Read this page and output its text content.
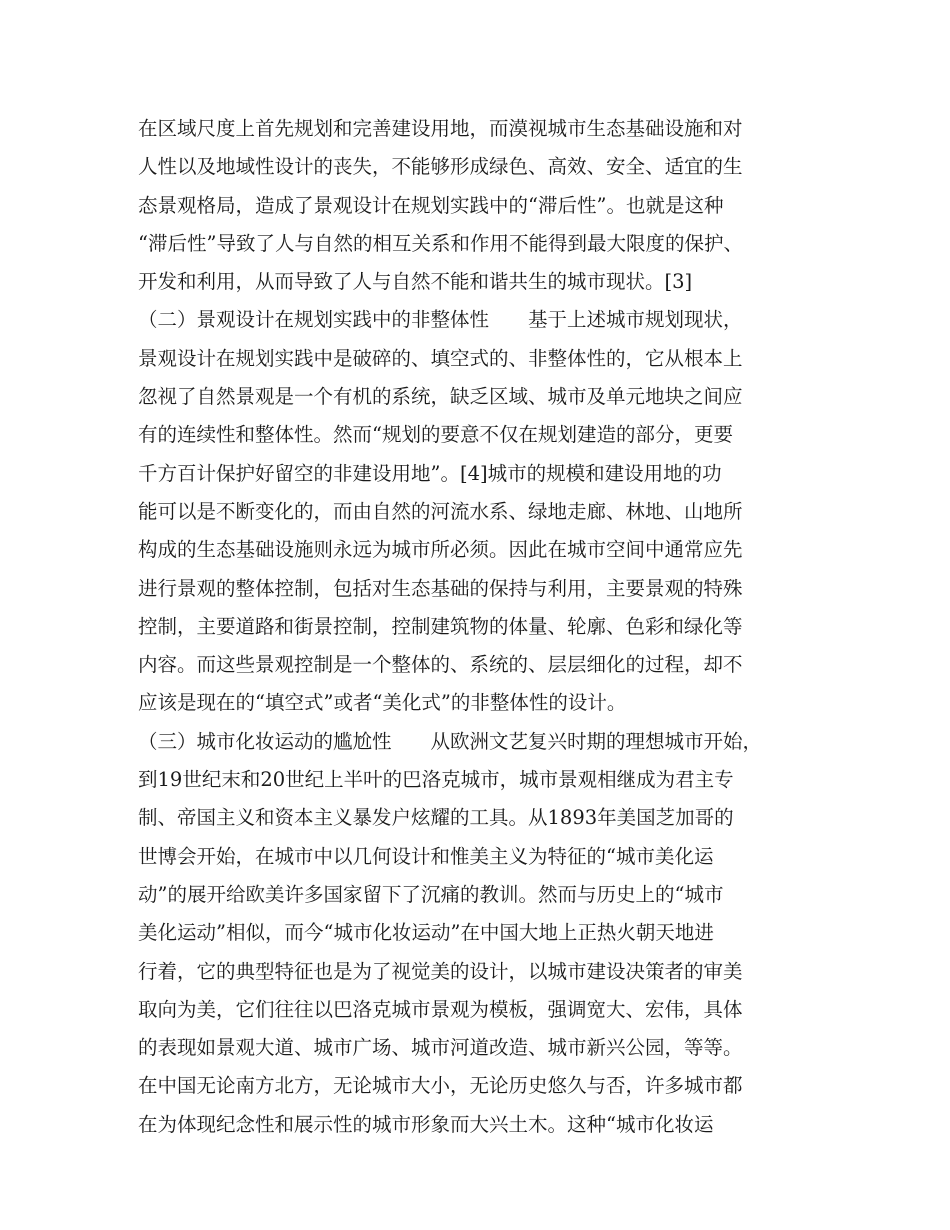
在区域尺度上首先规划和完善建设用地，而漠视城市生态基础设施和对
人性以及地域性设计的丧失，不能够形成绿色、高效、安全、适宜的生
态景观格局，造成了景观设计在规划实践中的“滞后性”。也就是这种
“滞后性”导致了人与自然的相互关系和作用不能得到最大限度的保护、
开发和利用，从而导致了人与自然不能和谐共生的城市现状。[3]
（二）景观设计在规划实践中的非整体性　　基于上述城市规划现状，
景观设计在规划实践中是破碎的、填空式的、非整体性的，它从根本上
忽视了自然景观是一个有机的系统，缺乏区域、城市及单元地块之间应
有的连续性和整体性。然而“规划的要意不仅在规划建造的部分，更要
千方百计保护好留空的非建设用地”。[4]城市的规模和建设用地的功
能可以是不断变化的，而由自然的河流水系、绿地走廊、林地、山地所
构成的生态基础设施则永远为城市所必须。因此在城市空间中通常应先
进行景观的整体控制，包括对生态基础的保持与利用，主要景观的特殊
控制，主要道路和街景控制，控制建筑物的体量、轮廓、色彩和绿化等
内容。而这些景观控制是一个整体的、系统的、层层细化的过程，却不
应该是现在的“填空式”或者“美化式”的非整体性的设计。
（三）城市化妆运动的尴尬性　　从欧洲文艺复兴时期的理想城市开始，
到19世纪末和20世纪上半叶的巴洛克城市，城市景观相继成为君主专
制、帝国主义和资本主义暴发户炫耀的工具。从1893年美国芝加哥的
世博会开始，在城市中以几何设计和惟美主义为特征的“城市美化运
动”的展开给欧美许多国家留下了沉痛的教训。然而与历史上的“城市
美化运动”相似，而今“城市化妆运动”在中国大地上正热火朝天地进
行着，它的典型特征也是为了视觉美的设计，以城市建设决策者的审美
取向为美，它们往往以巴洛克城市景观为模板，强调宽大、宏伟，具体
的表现如景观大道、城市广场、城市河道改造、城市新兴公园，等等。
在中国无论南方北方，无论城市大小，无论历史悠久与否，许多城市都
在为体现纪念性和展示性的城市形象而大兴土木。这种“城市化妆运
